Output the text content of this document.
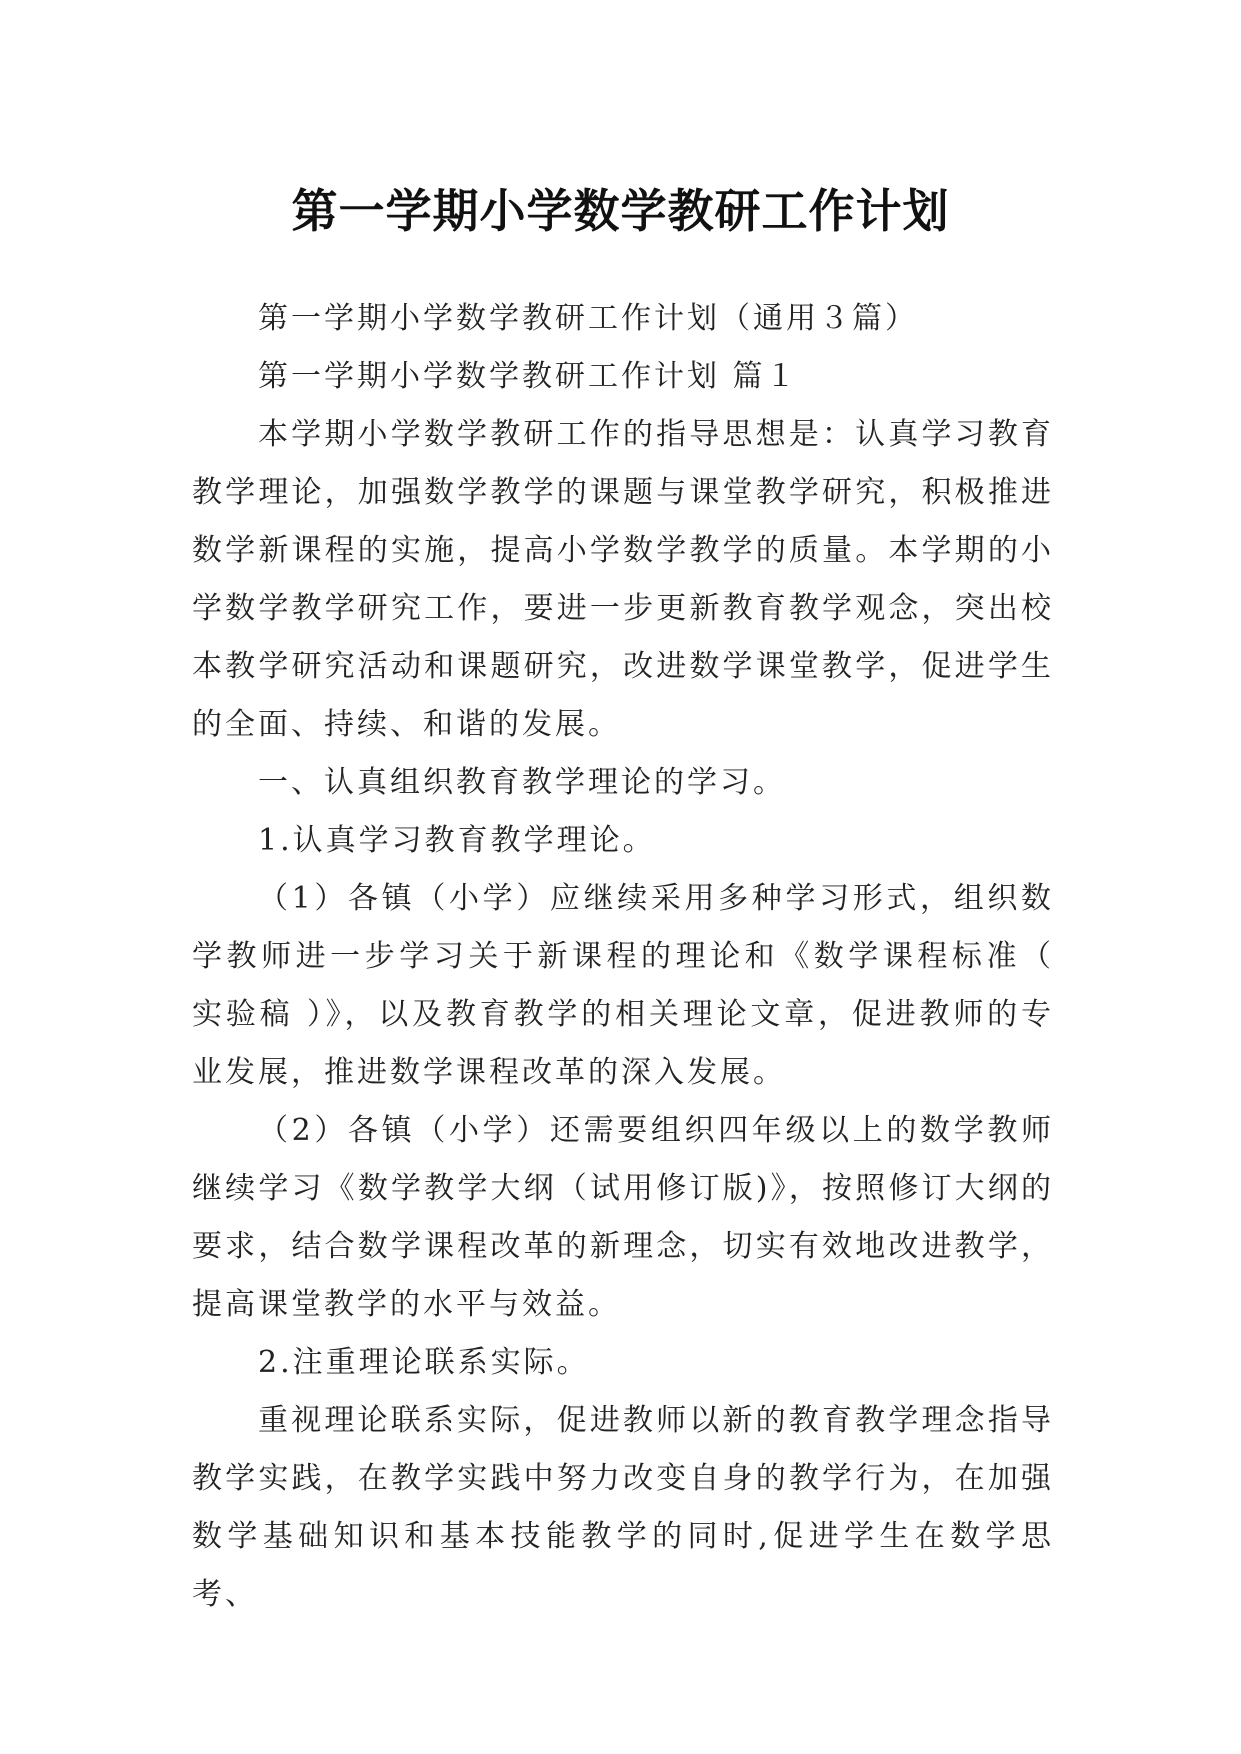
第一学期小学数学教研工作计划

第一学期小学数学教研工作计划（通用３篇）

第一学期小学数学教研工作计划 篇１

本学期小学数学教研工作的指导思想是：认真学习教育教学理论，加强数学教学的课题与课堂教学研究，积极推进数学新课程的实施，提高小学数学教学的质量。本学期的小学数学教学研究工作，要进一步更新教育教学观念，突出校本教学研究活动和课题研究，改进数学课堂教学，促进学生的全面、持续、和谐的发展。

一、认真组织教育教学理论的学习。

1.认真学习教育教学理论。

（1）各镇（小学）应继续采用多种学习形式，组织数学教师进一步学习关于新课程的理论和《数学课程标准（ 实验稿 ）》，以及教育教学的相关理论文章，促进教师的专业发展，推进数学课程改革的深入发展。

（2）各镇（小学）还需要组织四年级以上的数学教师继续学习《数学教学大纲（试用修订版)》，按照修订大纲的要求，结合数学课程改革的新理念，切实有效地改进教学，提高课堂教学的水平与效益。

2.注重理论联系实际。

重视理论联系实际，促进教师以新的教育教学理念指导教学实践，在教学实践中努力改变自身的教学行为，在加强数学基础知识和基本技能教学的同时,促进学生在数学思考、
